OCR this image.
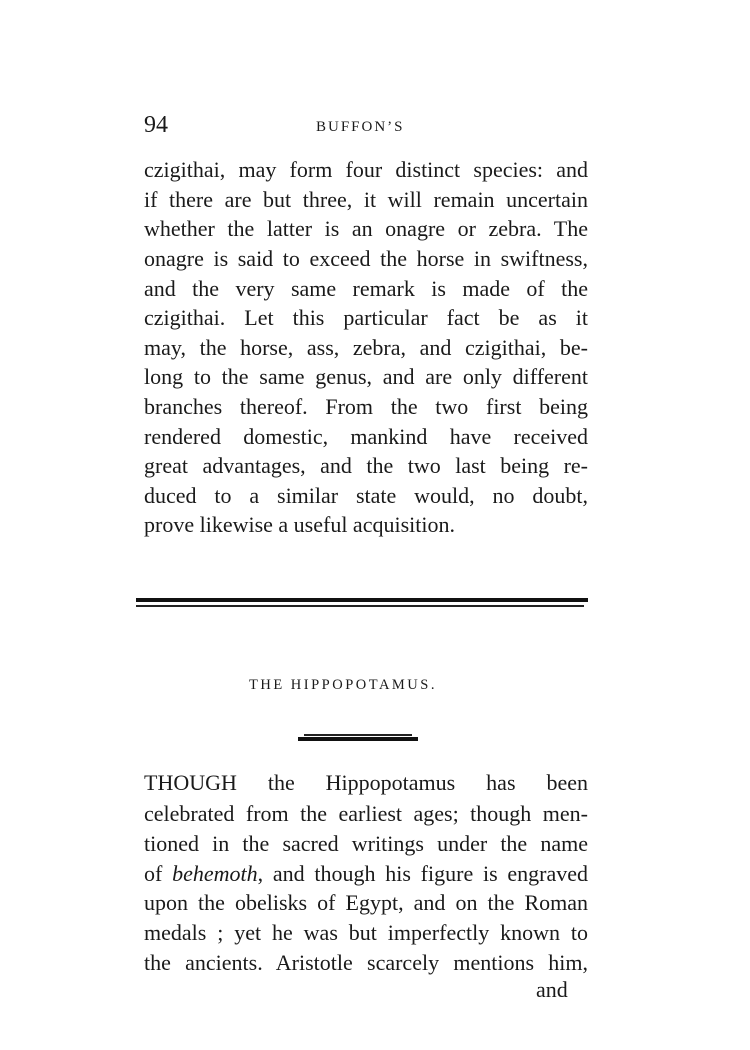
94	BUFFON’S
czigithai, may form four distinct species: and
if there are but three, it will remain uncertain
whether the latter is an onagre or zebra. The
onagre is said to exceed the horse in swiftness,
and the very same remark is made of the
czigithai. Let this particular fact be as it
may, the horse, ass, zebra, and czigithai, be-
long to the same genus, and are only different
branches thereof. From the two first being
rendered domestic, mankind have received
great advantages, and the two last being re-
duced to a similar state would, no doubt,
prove likewise a useful acquisition.
THE HIPPOPOTAMUS.
THOUGH the Hippopotamus has been
celebrated from the earliest ages; though men-
tioned in the sacred writings under the name
of behemoth, and though his figure is engraved
upon the obelisks of Egypt, and on the Roman
medals ; yet he was but imperfectly known to
the ancients. Aristotle scarcely mentions him,
and
